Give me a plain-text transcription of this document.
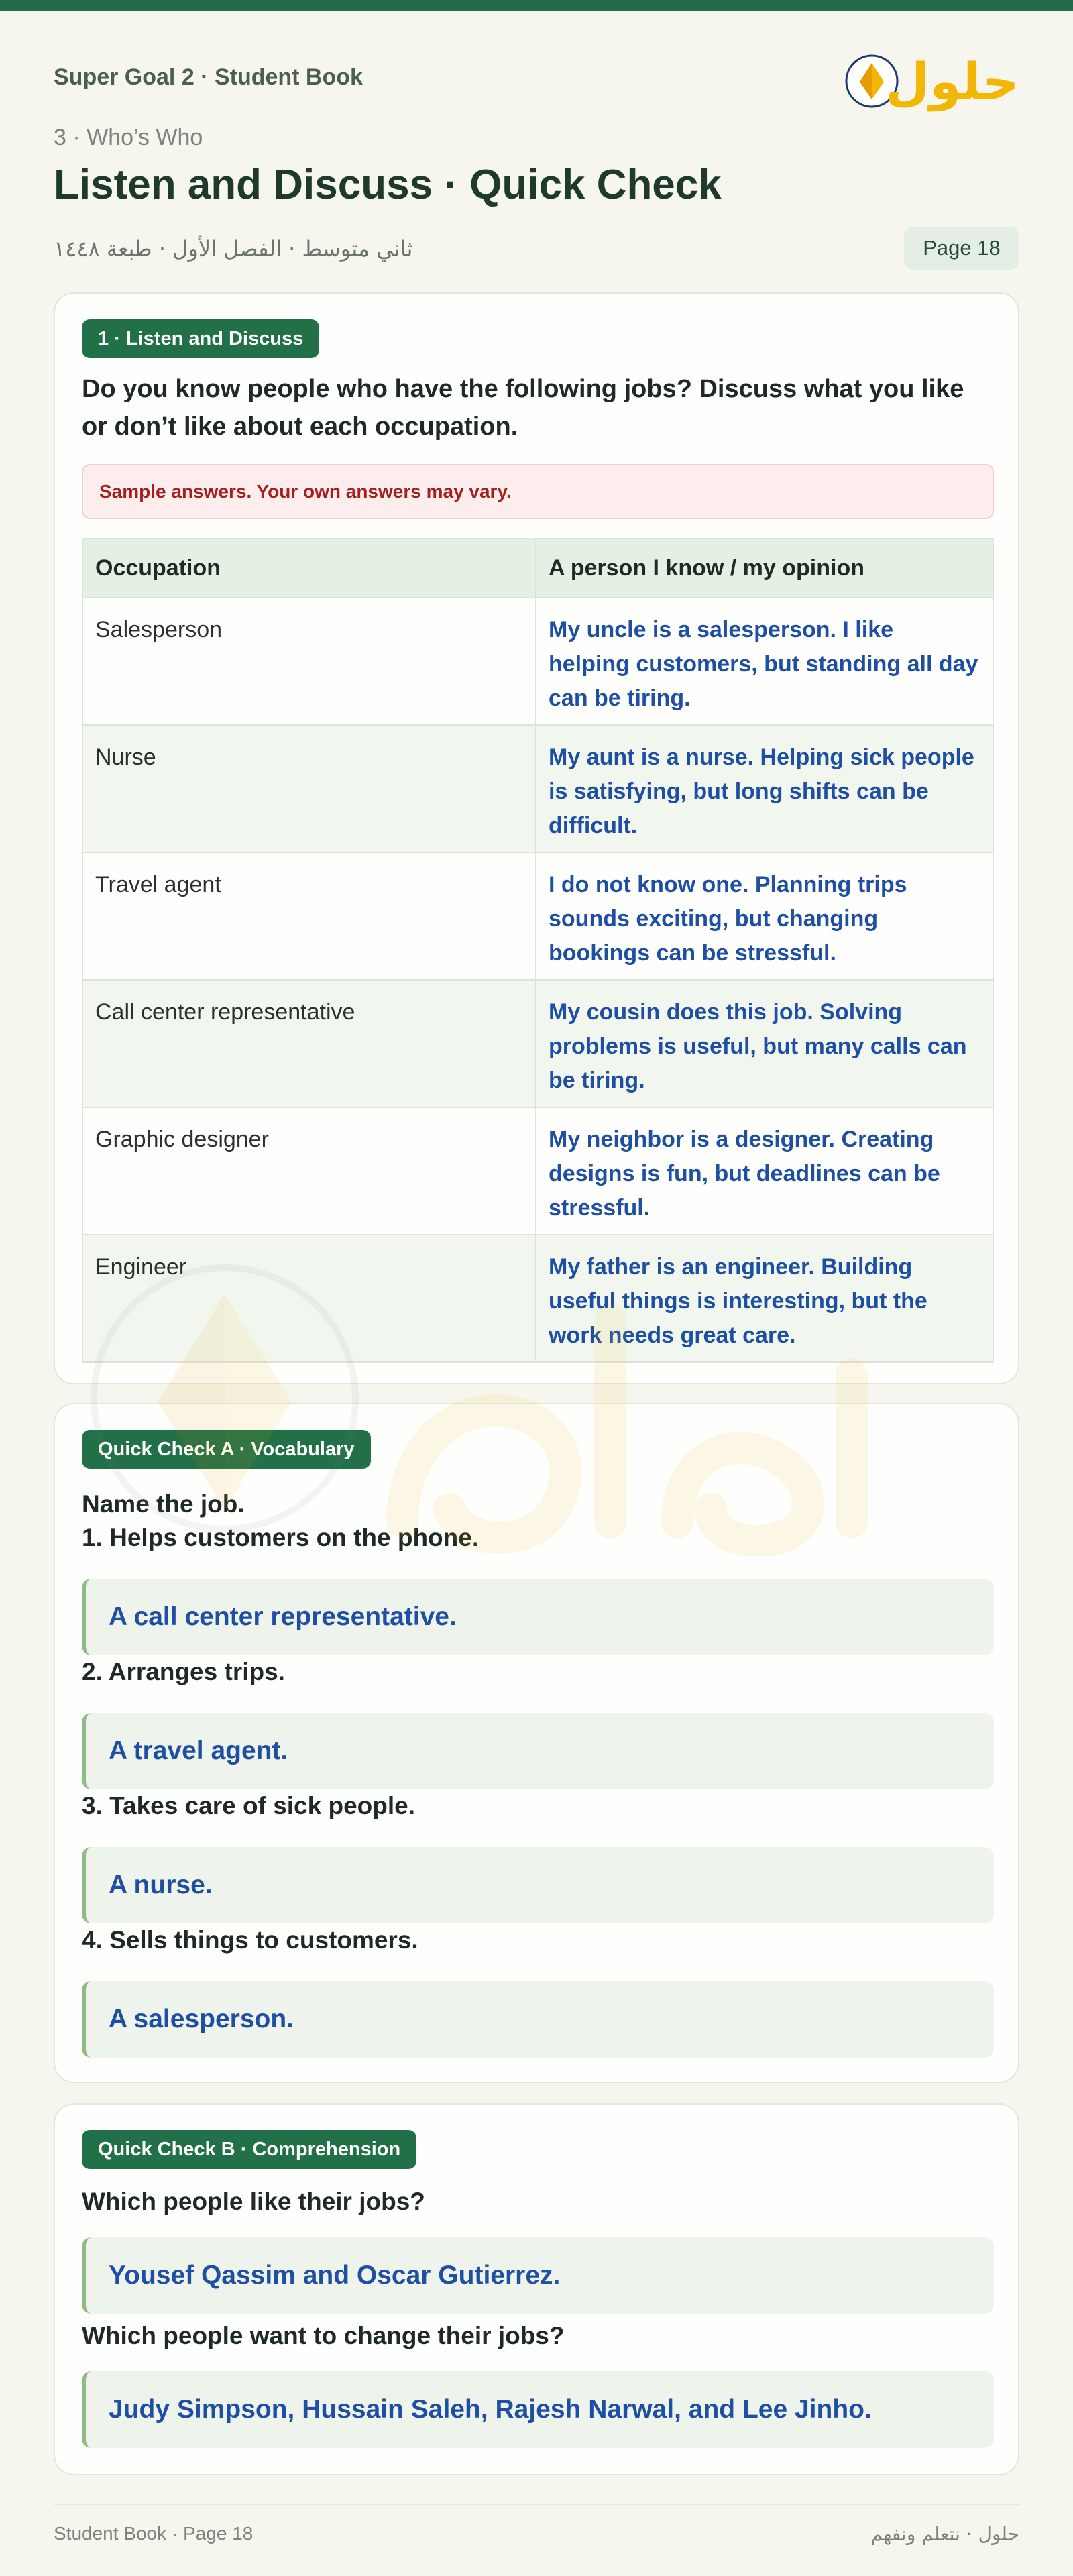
Super Goal 2 · Student Book	حلول
3 · Who’s Who
Listen and Discuss · Quick Check
ثاني متوسط · الفصل الأول · طبعة ١٤٤٨	Page 18
1 · Listen and Discuss
Do you know people who have the following jobs? Discuss what you like or don’t like about each occupation.
Sample answers. Your own answers may vary.
Occupation	A person I know / my opinion
Salesperson	My uncle is a salesperson. I like helping customers, but standing all day can be tiring.
Nurse	My aunt is a nurse. Helping sick people is satisfying, but long shifts can be difficult.
Travel agent	I do not know one. Planning trips sounds exciting, but changing bookings can be stressful.
Call center representative	My cousin does this job. Solving problems is useful, but many calls can be tiring.
Graphic designer	My neighbor is a designer. Creating designs is fun, but deadlines can be stressful.
Engineer	My father is an engineer. Building useful things is interesting, but the work needs great care.
Quick Check A · Vocabulary
Name the job.
1. Helps customers on the phone.
A call center representative.
2. Arranges trips.
A travel agent.
3. Takes care of sick people.
A nurse.
4. Sells things to customers.
A salesperson.
Quick Check B · Comprehension
Which people like their jobs?
Yousef Qassim and Oscar Gutierrez.
Which people want to change their jobs?
Judy Simpson, Hussain Saleh, Rajesh Narwal, and Lee Jinho.
Student Book · Page 18	حلول · نتعلم ونفهم
